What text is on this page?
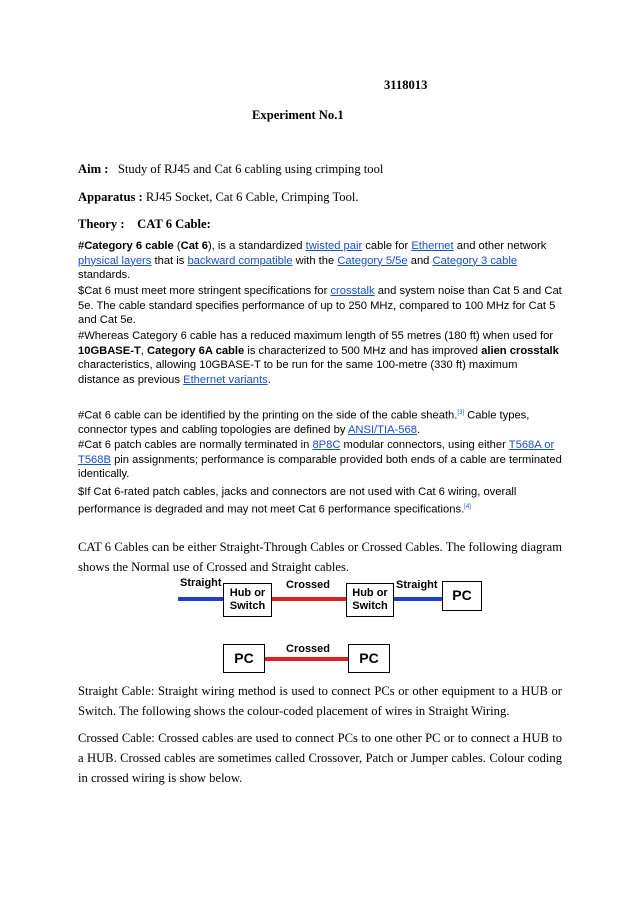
3118013
Experiment No.1
Aim : Study of RJ45 and Cat 6 cabling using crimping tool
Apparatus : RJ45 Socket, Cat 6 Cable, Crimping Tool.
Theory : CAT 6 Cable:
#Category 6 cable (Cat 6), is a standardized twisted pair cable for Ethernet and other network physical layers that is backward compatible with the Category 5/5e and Category 3 cable standards.
$Cat 6 must meet more stringent specifications for crosstalk and system noise than Cat 5 and Cat 5e. The cable standard specifies performance of up to 250 MHz, compared to 100 MHz for Cat 5 and Cat 5e.
#Whereas Category 6 cable has a reduced maximum length of 55 metres (180 ft) when used for 10GBASE-T, Category 6A cable is characterized to 500 MHz and has improved alien crosstalk characteristics, allowing 10GBASE-T to be run for the same 100-metre (330 ft) maximum distance as previous Ethernet variants.
#Cat 6 cable can be identified by the printing on the side of the cable sheath.[3] Cable types, connector types and cabling topologies are defined by ANSI/TIA-568.
#Cat 6 patch cables are normally terminated in 8P8C modular connectors, using either T568A or T568B pin assignments; performance is comparable provided both ends of a cable are terminated identically.
$If Cat 6-rated patch cables, jacks and connectors are not used with Cat 6 wiring, overall performance is degraded and may not meet Cat 6 performance specifications.[4]
CAT 6 Cables can be either Straight-Through Cables or Crossed Cables. The following diagram shows the Normal use of Crossed and Straight cables.
Straight	Crossed	Straight
Hub or
Switch
Hub or
Switch
PC
Crossed
PC	PC
Straight Cable: Straight wiring method is used to connect PCs or other equipment to a HUB or Switch. The following shows the colour-coded placement of wires in Straight Wiring.
Crossed Cable: Crossed cables are used to connect PCs to one other PC or to connect a HUB to a HUB. Crossed cables are sometimes called Crossover, Patch or Jumper cables. Colour coding in crossed wiring is show below.
